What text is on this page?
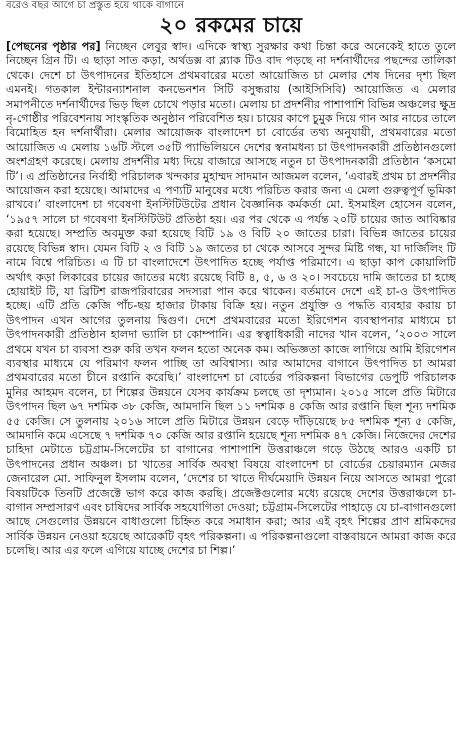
বরেও বছর আগে চা প্রস্তুত হয়ে থাকে বাগানে
২০ রকমের চায়ে

[পেছনের পৃষ্ঠার পর] নিচ্ছেন লেবুর স্বাদ। এদিকে স্বাস্থ্য সুরক্ষার কথা চিন্তা করে অনেকেই হাতে তুলে নিচ্ছেন গ্রিন টি। এ ছাড়া সাত কড়া, অর্থডক্স বা ব্ল্যাক টিও বাদ পড়ছে না দর্শনার্থীদের পছন্দের তালিকা থেকে। দেশে চা উৎপাদনের ইতিহাসে প্রথমবারের মতো আয়োজিত চা মেলার শেষ দিনের দৃশ্য ছিল এমনই। গতকাল ইন্টারন্যাশনাল কনভেনশন সিটি বসুন্ধরায় (আইসিসিবি) আয়োজিত এ মেলার সমাপনীতে দর্শনার্থীদের ভিড় ছিল চোখে পড়ার মতো। মেলায় চা প্রদর্শনীর পাশাপাশি বিভিন্ন অঞ্চলের ক্ষুদ্র নৃ-গোষ্ঠীর পরিবেশনায় সাংস্কৃতিক অনুষ্ঠান পরিবেশিত হয়। চায়ের কাপে চুমুক দিয়ে গান আর নাচের তালে বিমোহিত হন দর্শনার্থীরা। মেলার আয়োজক বাংলাদেশ চা বোর্ডের তথ্য অনুযায়ী, প্রথমবারের মতো আয়োজিত এ মেলায় ১৬টি স্টলে ৩৫টি প্যাভিলিয়নে দেশের স্বনামধন্য চা উৎপাদনকারী প্রতিষ্ঠানগুলো অংশগ্রহণ করেছে। মেলায় প্রদর্শনীর মধ্য দিয়ে বাজারে আসছে নতুন চা উৎপাদনকারী প্রতিষ্ঠান ‘কসমো টি’। এ প্রতিষ্ঠানের নির্বাহী পরিচালক খন্দকার মুহাম্মদ সাদমান আজমল বলেন, ‘এবারই প্রথম চা প্রদর্শনীর আয়োজন করা হয়েছে। আমাদের এ পণ্যটি মানুষের মধ্যে পরিচিত করার জন্য এ মেলা গুরুত্বপূর্ণ ভূমিকা রাখবে।’ বাংলাদেশ চা গবেষণা ইনস্টিটিউটের প্রধান বৈজ্ঞানিক কর্মকর্তা মো. ইসমাইল হোসেন বলেন, ‘১৯৫৭ সালে চা গবেষণা ইনস্টিটিউট প্রতিষ্ঠা হয়। এর পর থেকে এ পর্যন্ত ২০টি চায়ের জাত আবিষ্কার করা হয়েছে। সম্প্রতি অবমুক্ত করা হয়েছে বিটি ১৯ ও বিটি ২০ জাতের চারা। বিভিন্ন জাতের চায়ের রয়েছে বিভিন্ন স্বাদ। যেমন বিটি ২ ও বিটি ১৯ জাতের চা থেকে আসবে সুন্দর মিষ্টি গন্ধ, যা দার্জিলিং টি নামে বিশ্বে পরিচিত। এ টি চা বাংলাদেশে উৎপাদিত হচ্ছে পর্যাপ্ত পরিমাণে। এ ছাড়া কাপ কোয়ালিটি অর্থাৎ কড়া লিকারের চায়ের জাতের মধ্যে রয়েছে বিটি ৪, ৫, ৬ ও ২০। সবচেয়ে দামি জাতের চা হচ্ছে হোয়াইট টি, যা ব্রিটিশ রাজপরিবারের সদস্যরা পান করে থাকেন। বর্তমানে দেশে এই চা-ও উৎপাদিত হচ্ছে। এটি প্রতি কেজি পাঁচ-ছয় হাজার টাকায় বিক্রি হয়। নতুন প্রযুক্তি ও পদ্ধতি ব্যবহার করায় চা উৎপাদন এখন আগের তুলনায় দ্বিগুণ। দেশে প্রথমবারের মতো ইরিগেশন ব্যবস্থাপনার মাধ্যমে চা উৎপাদনকারী প্রতিষ্ঠান হালদা ভ্যালি চা কোম্পানি। এর স্বত্বাধিকারী নাদের খান বলেন, ‘২০০৩ সালে প্রথমে যখন চা ব্যবসা শুরু করি তখন ফলন হতো অনেক কম। অভিজ্ঞতা কাজে লাগিয়ে আমি ইরিগেশন ব্যবস্থার মাধ্যমে যে পরিমাণ ফলন পাচ্ছি তা অবিশ্বাস্য। আর আমাদের বাগানে উৎপাদিত চা আমরা প্রথমবারের মতো চীনে রপ্তানি করেছি।’ বাংলাদেশ চা বোর্ডের পরিকল্পনা বিভাগের ডেপুটি পরিচালক মুনির আহমদ বলেন, চা শিল্পের উন্নয়নে যেসব কার্যক্রম চলছে তা দৃশ্যমান। ২০১৫ সালে প্রতি মিটারে উৎপাদন ছিল ৬৭ দশমিক ৩৮ কেজি, আমদানি ছিল ১১ দশমিক ৪ কেজি আর রপ্তানি ছিল শূন্য দশমিক ৫৫ কেজি। সে তুলনায় ২০১৬ সালে প্রতি মিটারে উন্নয়ন বেড়ে দাঁড়িয়েছে ৮৫ দশমিক শূন্য ৫ কেজি, আমদানি কমে এসেছে ৭ দশমিক ৭০ কেজি আর রপ্তানি হয়েছে শূন্য দশমিক ৪৭ কেজি। নিজেদের দেশের চাহিদা মেটাতে চট্টগ্রাম-সিলেটের চা বাগানের পাশাপাশি উত্তরাঞ্চলে গড়ে উঠছে আরও একটি চা উৎপাদনের প্রধান অঞ্চল। চা খাতের সার্বিক অবস্থা বিষয়ে বাংলাদেশ চা বোর্ডের চেয়ারম্যান মেজর জেনারেল মো. সাফিনুল ইসলাম বলেন, ‘দেশের চা খাতে দীর্ঘমেয়াদি উন্নয়ন নিয়ে আসতে আমরা পুরো বিষয়টিকে তিনটি প্রজেক্টে ভাগ করে কাজ করছি। প্রজেক্টগুলোর মধ্যে রয়েছে দেশের উত্তরাঞ্চলে চা-বাগান সম্প্রসারণ এবং চাষিদের সার্বিক সহযোগিতা দেওয়া; চট্টগ্রাম-সিলেটের পাহাড়ে যে চা-বাগানগুলো আছে সেগুলোর উন্নয়নে বাধাগুলো চিহ্নিত করে সমাধান করা; আর এই বৃহৎ শিল্পের প্রাণ শ্রমিকদের সার্বিক উন্নয়ন নেওয়া হয়েছে আরেকটি বৃহৎ পরিকল্পনা। এ পরিকল্পনাগুলো বাস্তবায়নে আমরা কাজ করে চলেছি। আর এর ফলে এগিয়ে যাচ্ছে দেশের চা শিল্প।’
